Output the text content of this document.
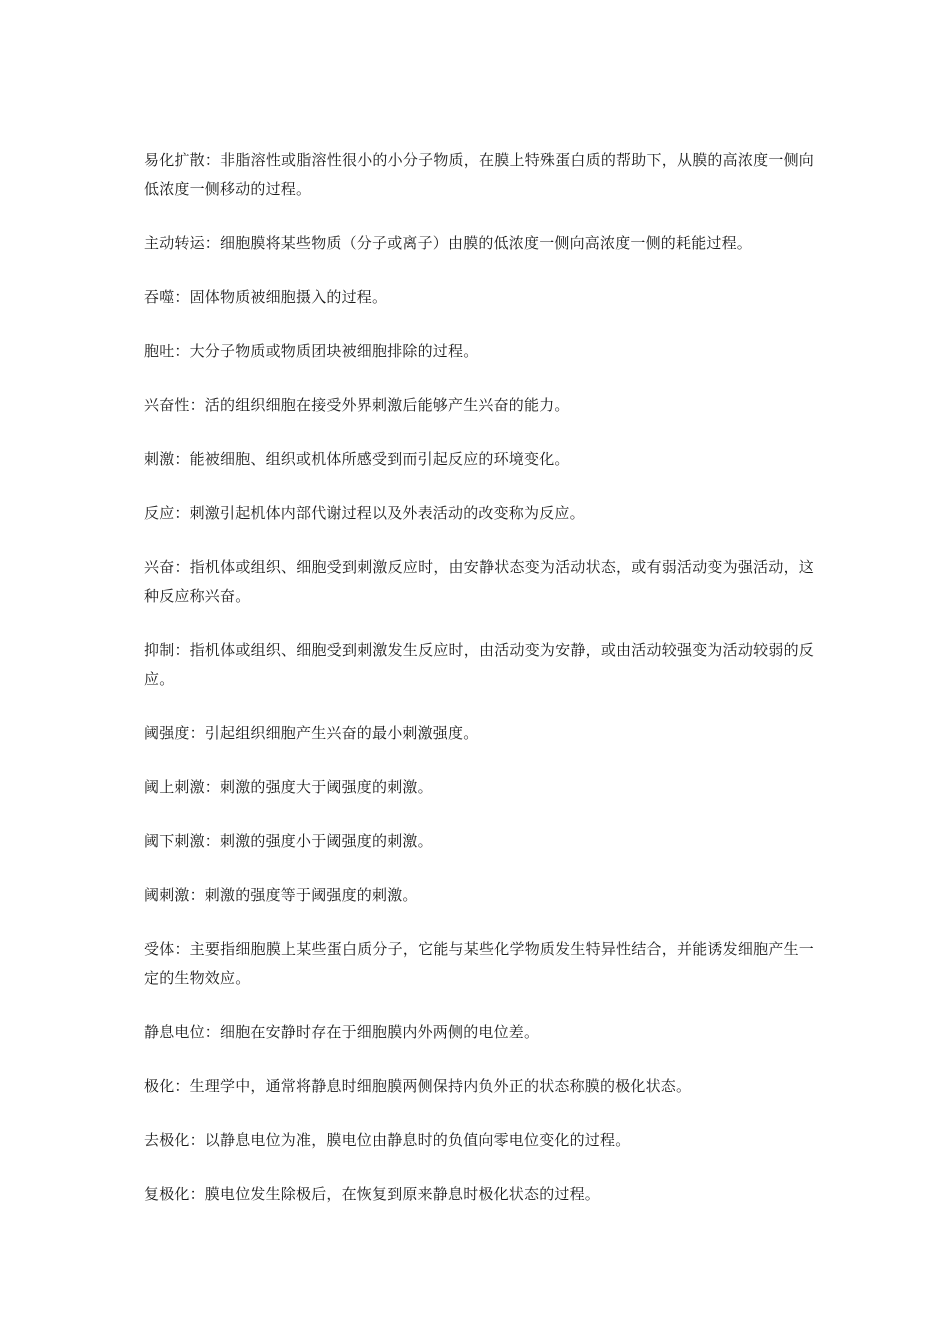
易化扩散：非脂溶性或脂溶性很小的小分子物质，在膜上特殊蛋白质的帮助下，从膜的高浓度一侧向低浓度一侧移动的过程。

主动转运：细胞膜将某些物质（分子或离子）由膜的低浓度一侧向高浓度一侧的耗能过程。

吞噬：固体物质被细胞摄入的过程。

胞吐：大分子物质或物质团块被细胞排除的过程。

兴奋性：活的组织细胞在接受外界刺激后能够产生兴奋的能力。

刺激：能被细胞、组织或机体所感受到而引起反应的环境变化。

反应：刺激引起机体内部代谢过程以及外表活动的改变称为反应。

兴奋：指机体或组织、细胞受到刺激反应时，由安静状态变为活动状态，或有弱活动变为强活动，这种反应称兴奋。

抑制：指机体或组织、细胞受到刺激发生反应时，由活动变为安静，或由活动较强变为活动较弱的反应。

阈强度：引起组织细胞产生兴奋的最小刺激强度。

阈上刺激：刺激的强度大于阈强度的刺激。

阈下刺激：刺激的强度小于阈强度的刺激。

阈刺激：刺激的强度等于阈强度的刺激。

受体：主要指细胞膜上某些蛋白质分子，它能与某些化学物质发生特异性结合，并能诱发细胞产生一定的生物效应。

静息电位：细胞在安静时存在于细胞膜内外两侧的电位差。

极化：生理学中，通常将静息时细胞膜两侧保持内负外正的状态称膜的极化状态。

去极化：以静息电位为准，膜电位由静息时的负值向零电位变化的过程。

复极化：膜电位发生除极后，在恢复到原来静息时极化状态的过程。
